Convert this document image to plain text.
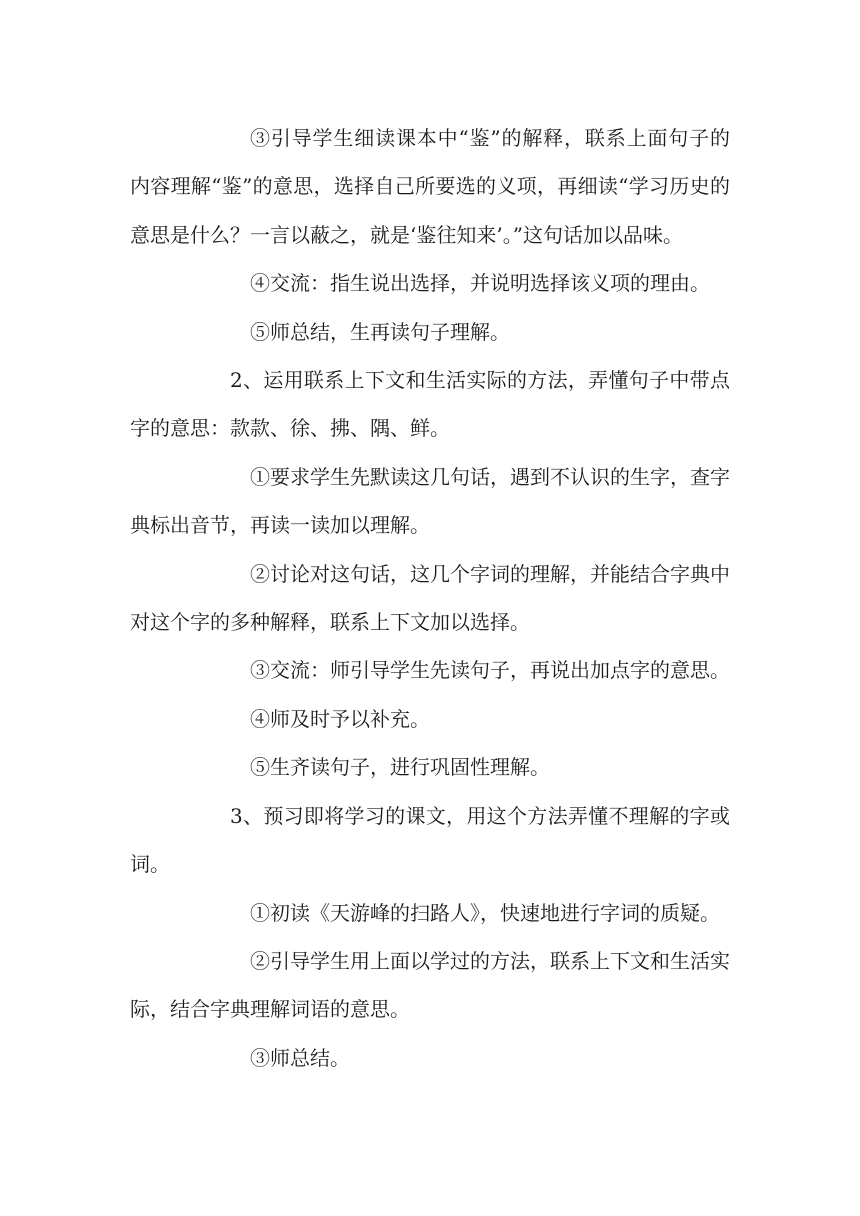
③引导学生细读课本中“鉴”的解释，联系上面句子的内容理解“鉴”的意思，选择自己所要选的义项，再细读“学习历史的意思是什么？一言以蔽之，就是‘鉴往知来’。”这句话加以品味。

④交流：指生说出选择，并说明选择该义项的理由。

⑤师总结，生再读句子理解。

2、运用联系上下文和生活实际的方法，弄懂句子中带点字的意思：款款、徐、拂、隅、鲜。

①要求学生先默读这几句话，遇到不认识的生字，查字典标出音节，再读一读加以理解。

②讨论对这句话，这几个字词的理解，并能结合字典中对这个字的多种解释，联系上下文加以选择。

③交流：师引导学生先读句子，再说出加点字的意思。

④师及时予以补充。

⑤生齐读句子，进行巩固性理解。

3、预习即将学习的课文，用这个方法弄懂不理解的字或词。

①初读《天游峰的扫路人》，快速地进行字词的质疑。

②引导学生用上面以学过的方法，联系上下文和生活实际，结合字典理解词语的意思。

③师总结。
